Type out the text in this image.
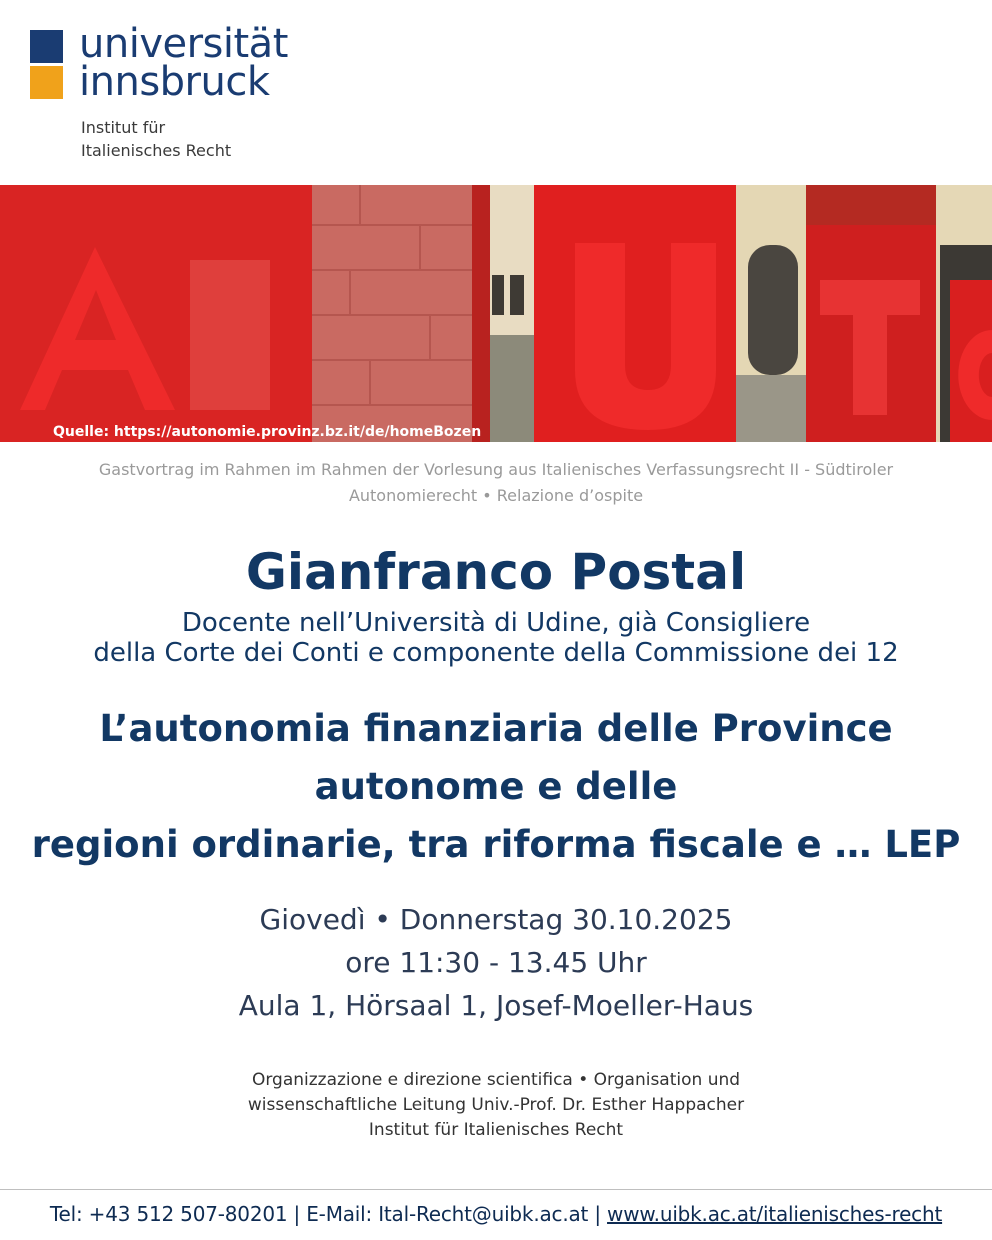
universität
innsbruck
Institut für
Italienisches Recht
Quelle: https://autonomie.provinz.bz.it/de/homeBozen
Gastvortrag im Rahmen im Rahmen der Vorlesung aus Italienisches Verfassungsrecht II - Südtiroler Autonomierecht • Relazione d’ospite
Gianfranco Postal
Docente nell’Università di Udine, già Consigliere
della Corte dei Conti e componente della Commissione dei 12
L’autonomia finanziaria delle Province
autonome e delle
regioni ordinarie, tra riforma fiscale e … LEP
Giovedì • Donnerstag 30.10.2025
ore 11:30 - 13.45 Uhr
Aula 1, Hörsaal 1, Josef-Moeller-Haus
Organizzazione e direzione scientifica • Organisation und
wissenschaftliche Leitung Univ.-Prof. Dr. Esther Happacher
Institut für Italienisches Recht
Tel: +43 512 507-80201 | E-Mail: Ital-Recht@uibk.ac.at | www.uibk.ac.at/italienisches-recht
